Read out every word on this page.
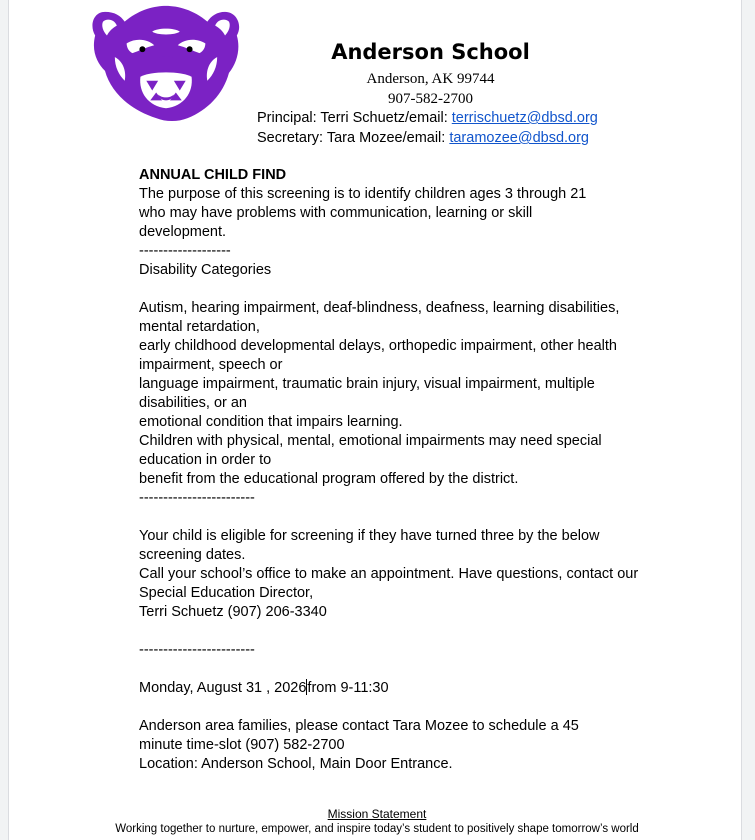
Anderson School
Anderson, AK 99744
907-582-2700
Principal: Terri Schuetz/email: terrischuetz@dbsd.org
Secretary: Tara Mozee/email: taramozee@dbsd.org

ANNUAL CHILD FIND

The purpose of this screening is to identify children ages 3 through 21

who may have problems with communication, learning or skill

development.

-------------------

Disability Categories

Autism, hearing impairment, deaf-blindness, deafness, learning disabilities,

mental retardation,

early childhood developmental delays, orthopedic impairment, other health

impairment, speech or

language impairment, traumatic brain injury, visual impairment, multiple

disabilities, or an

emotional condition that impairs learning.

Children with physical, mental, emotional impairments may need special

education in order to

benefit from the educational program offered by the district.

------------------------

Your child is eligible for screening if they have turned three by the below

screening dates.

Call your school’s office to make an appointment. Have questions, contact our

Special Education Director,

Terri Schuetz (907) 206-3340

------------------------

Monday, August 31 , 2026from 9-11:30

Anderson area families, please contact Tara Mozee to schedule a 45

minute time-slot (907) 582-2700

Location: Anderson School, Main Door Entrance.

Mission Statement
Working together to nurture, empower, and inspire today’s student to positively shape tomorrow’s world
